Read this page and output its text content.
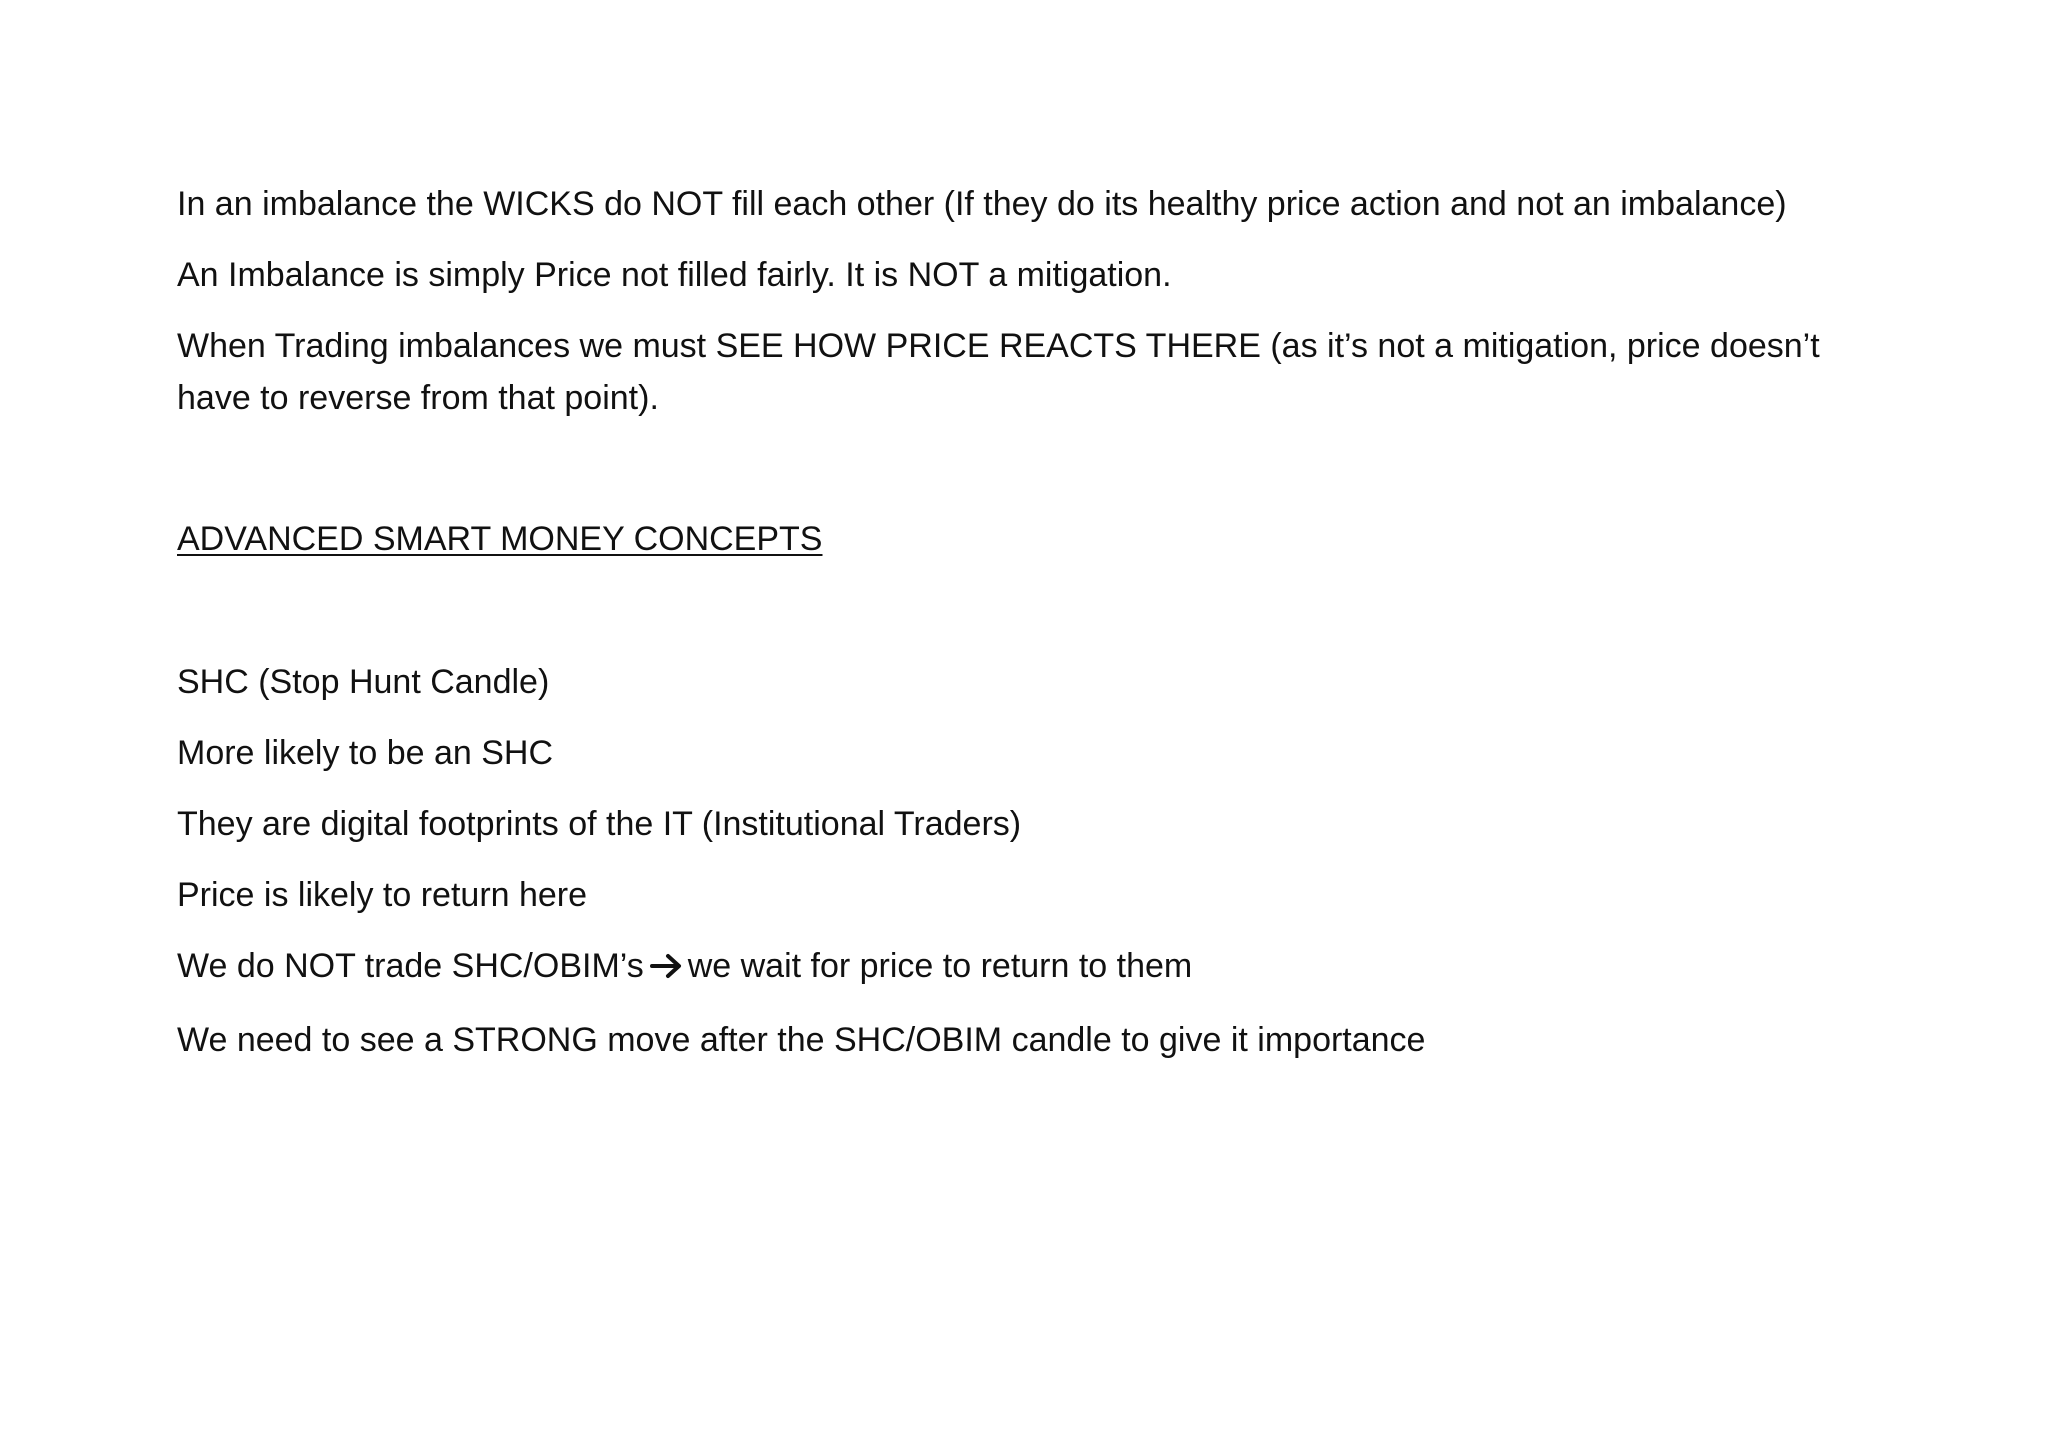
In an imbalance the WICKS do NOT fill each other (If they do its healthy price action and not an imbalance)

An Imbalance is simply Price not filled fairly. It is NOT a mitigation.

When Trading imbalances we must SEE HOW PRICE REACTS THERE (as it’s not a mitigation, price doesn’t have to reverse from that point).

ADVANCED SMART MONEY CONCEPTS

SHC (Stop Hunt Candle)

More likely to be an SHC

They are digital footprints of the IT (Institutional Traders)

Price is likely to return here

We do NOT trade SHC/OBIM’s we wait for price to return to them

We need to see a STRONG move after the SHC/OBIM candle to give it importance
